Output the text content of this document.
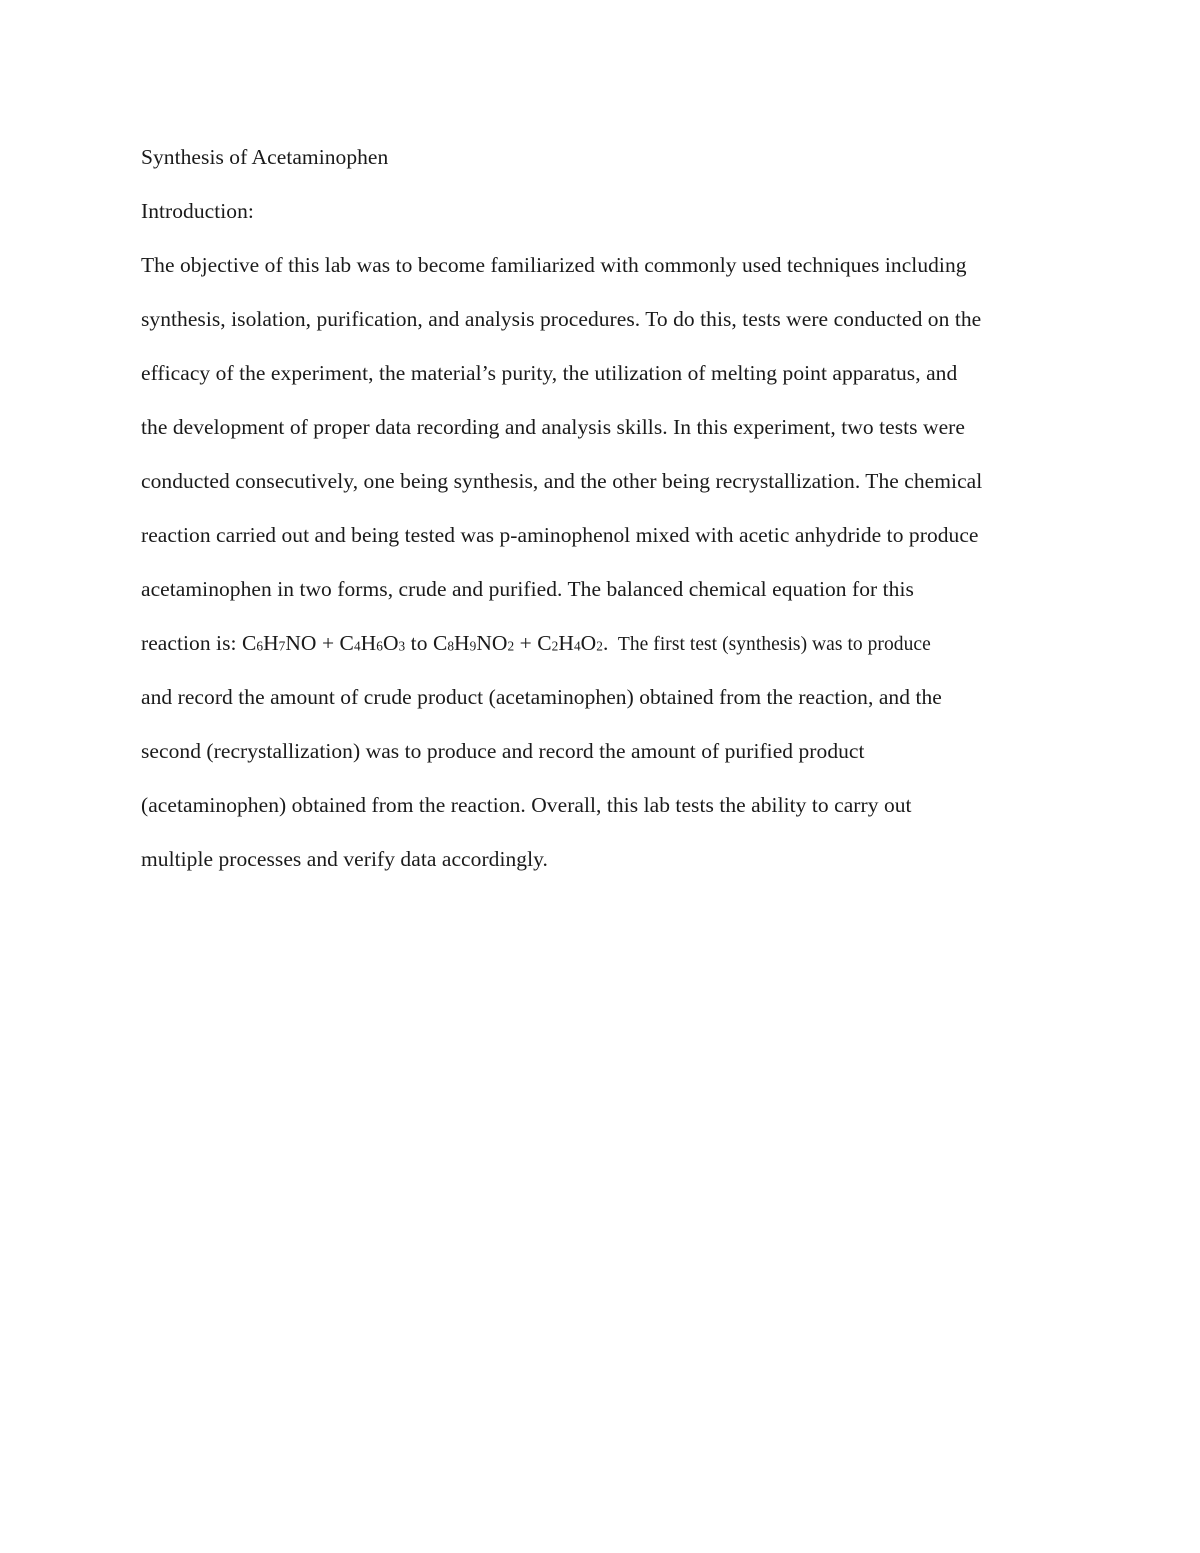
Synthesis of Acetaminophen
Introduction:
The objective of this lab was to become familiarized with commonly used techniques including
synthesis, isolation, purification, and analysis procedures. To do this, tests were conducted on the
efficacy of the experiment, the material’s purity, the utilization of melting point apparatus, and
the development of proper data recording and analysis skills. In this experiment, two tests were
conducted consecutively, one being synthesis, and the other being recrystallization. The chemical
reaction carried out and being tested was p-aminophenol mixed with acetic anhydride to produce
acetaminophen in two forms, crude and purified. The balanced chemical equation for this
reaction is: $C_6H_7NO + C_4H_6O_3$ to $C_8H_9NO_2 + C_2H_4O_2$.  The first test (synthesis) was to produce
and record the amount of crude product (acetaminophen) obtained from the reaction, and the
second (recrystallization) was to produce and record the amount of purified product
(acetaminophen) obtained from the reaction. Overall, this lab tests the ability to carry out
multiple processes and verify data accordingly.
